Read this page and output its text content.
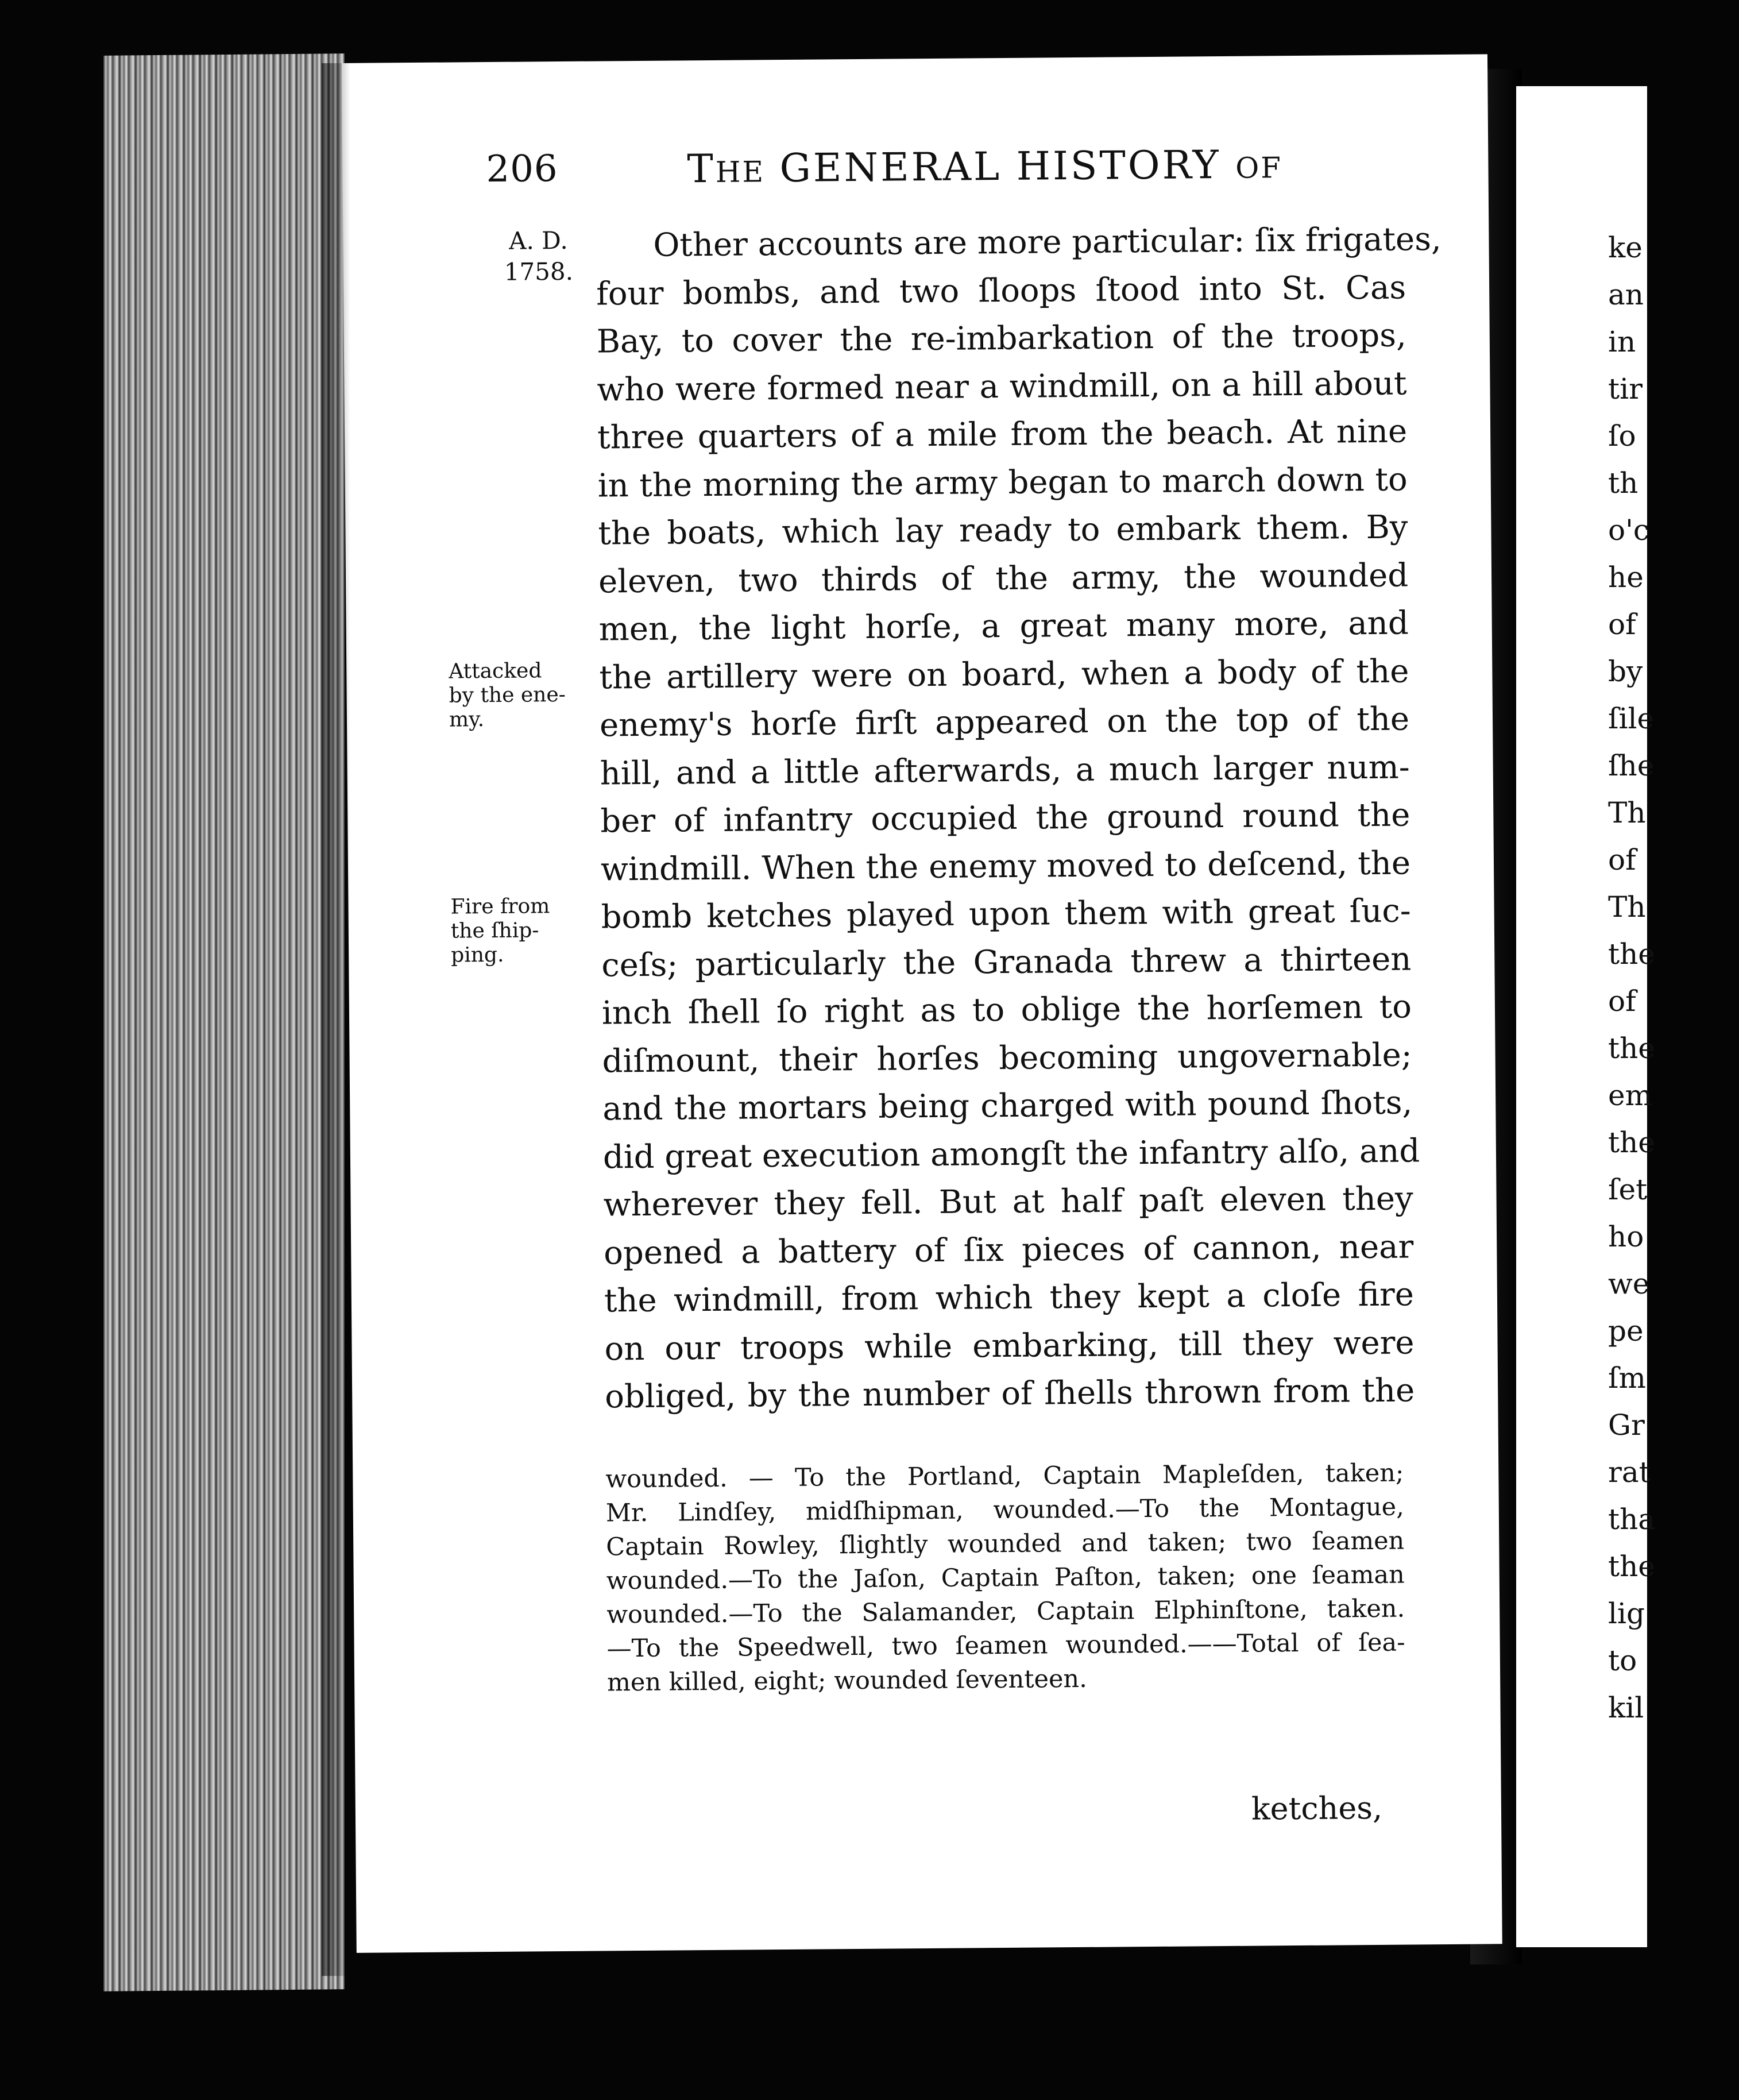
ke
an
in
tir
ſo
th
o'c
he
of
by
ſile
ſhe
Th
of
Th
the
of
the
em
the
ſet
ho
we
pe
ſm
Gr
rat
tha
the
lig
to
kil
206	THE GENERAL HISTORY OF
A. D.
1758.
Attacked
by the ene-
my.
Fire from
the ſhip-
ping.
Other accounts are more particular: ſix frigates,
four bombs, and two ſloops ſtood into St. Cas
Bay, to cover the re-imbarkation of the troops,
who were formed near a windmill, on a hill about
three quarters of a mile from the beach. At nine
in the morning the army began to march down to
the boats, which lay ready to embark them. By
eleven, two thirds of the army, the wounded
men, the light horſe, a great many more, and
the artillery were on board, when a body of the
enemy's horſe firſt appeared on the top of the
hill, and a little afterwards, a much larger num-
ber of infantry occupied the ground round the
windmill. When the enemy moved to deſcend, the
bomb ketches played upon them with great ſuc-
ceſs; particularly the Granada threw a thirteen
inch ſhell ſo right as to oblige the horſemen to
diſmount, their horſes becoming ungovernable;
and the mortars being charged with pound ſhots,
did great execution amongſt the infantry alſo, and
wherever they fell. But at half paſt eleven they
opened a battery of ſix pieces of cannon, near
the windmill, from which they kept a cloſe fire
on our troops while embarking, till they were
obliged, by the number of ſhells thrown from the
wounded. — To the Portland, Captain Mapleſden, taken;
Mr. Lindſey, midſhipman, wounded.—To the Montague,
Captain Rowley, ſlightly wounded and taken; two ſeamen
wounded.—To the Jaſon, Captain Paſton, taken; one ſeaman
wounded.—To the Salamander, Captain Elphinſtone, taken.
—To the Speedwell, two ſeamen wounded.——Total of ſea-
men killed, eight; wounded ſeventeen.
ketches,
